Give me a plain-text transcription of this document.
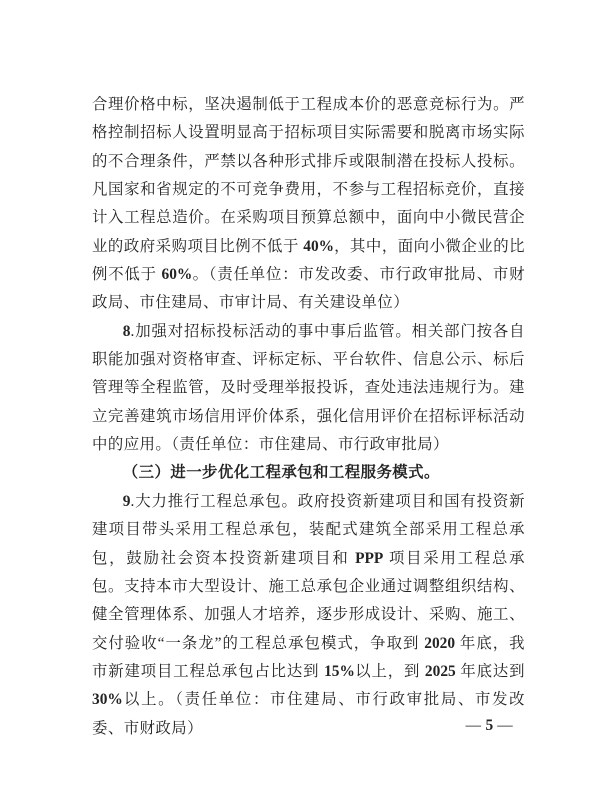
合理价格中标，坚决遏制低于工程成本价的恶意竞标行为。严格控制招标人设置明显高于招标项目实际需要和脱离市场实际的不合理条件，严禁以各种形式排斥或限制潜在投标人投标。凡国家和省规定的不可竞争费用，不参与工程招标竞价，直接计入工程总造价。在采购项目预算总额中，面向中小微民营企业的政府采购项目比例不低于 40%，其中，面向小微企业的比例不低于 60%。（责任单位：市发改委、市行政审批局、市财政局、市住建局、市审计局、有关建设单位）

8.加强对招标投标活动的事中事后监管。相关部门按各自职能加强对资格审查、评标定标、平台软件、信息公示、标后管理等全程监管，及时受理举报投诉，查处违法违规行为。建立完善建筑市场信用评价体系，强化信用评价在招标评标活动中的应用。（责任单位：市住建局、市行政审批局）

（三）进一步优化工程承包和工程服务模式。

9.大力推行工程总承包。政府投资新建项目和国有投资新建项目带头采用工程总承包，装配式建筑全部采用工程总承包，鼓励社会资本投资新建项目和 PPP 项目采用工程总承包。支持本市大型设计、施工总承包企业通过调整组织结构、健全管理体系、加强人才培养，逐步形成设计、采购、施工、交付验收“一条龙”的工程总承包模式，争取到 2020 年底，我市新建项目工程总承包占比达到 15%以上，到 2025 年底达到 30%以上。（责任单位：市住建局、市行政审批局、市发改委、市财政局）	— 5 —
